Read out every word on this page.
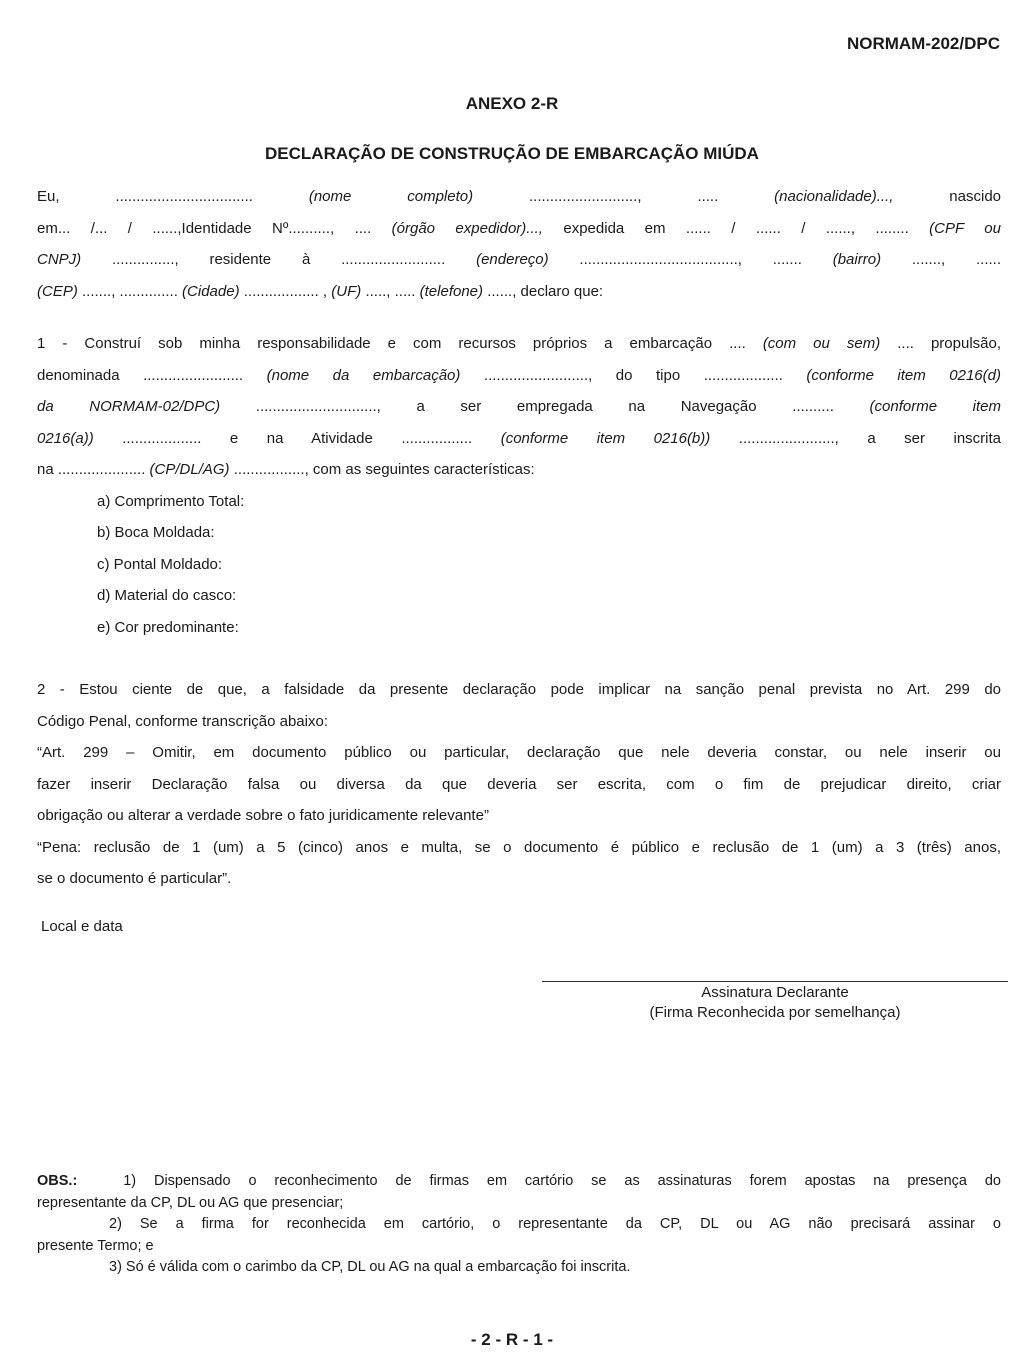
NORMAM-202/DPC
ANEXO 2-R
DECLARAÇÃO DE CONSTRUÇÃO DE EMBARCAÇÃO MIÚDA
Eu,	.................................	(nome	completo)	..........................,	.....	(nacionalidade)...,	nascido
em... /... / ......,Identidade Nº.........., .... (órgão expedidor)..., expedida em ...... / ...... / ......, ........ (CPF ou
CNPJ) ..............., residente à ......................... (endereço) ......................................, ....... (bairro) ......., ......
(CEP) ......., .............. (Cidade) .................. , (UF) ....., ..... (telefone) ......, declaro que:
1 - Construí sob minha responsabilidade e com recursos próprios a embarcação .... (com ou sem) .... propulsão,
denominada ........................ (nome da embarcação) ........................., do tipo ................... (conforme item 0216(d)
da NORMAM-02/DPC) ............................., a ser empregada na Navegação .......... (conforme item
0216(a)) ................... e na Atividade ................. (conforme item 0216(b)) ......................., a ser inscrita
na ..................... (CP/DL/AG) ................., com as seguintes características:
a) Comprimento Total:
b) Boca Moldada:
c) Pontal Moldado:
d) Material do casco:
e) Cor predominante:
2 - Estou ciente de que, a falsidade da presente declaração pode implicar na sanção penal prevista no Art. 299 do
Código Penal, conforme transcrição abaixo:
“Art. 299 – Omitir, em documento público ou particular, declaração que nele deveria constar, ou nele inserir ou
fazer inserir Declaração falsa ou diversa da que deveria ser escrita, com o fim de prejudicar direito, criar
obrigação ou alterar a verdade sobre o fato juridicamente relevante”
“Pena: reclusão de 1 (um) a 5 (cinco) anos e multa, se o documento é público e reclusão de 1 (um) a 3 (três) anos,
se o documento é particular”.
Local e data
Assinatura Declarante
(Firma Reconhecida por semelhança)
OBS.:	1) Dispensado o reconhecimento de firmas em cartório se as assinaturas forem apostas na presença do
representante da CP, DL ou AG que presenciar;
2) Se a firma for reconhecida em cartório, o representante da CP, DL ou AG não precisará assinar o
presente Termo; e
3) Só é válida com o carimbo da CP, DL ou AG na qual a embarcação foi inscrita.
- 2 - R - 1 -
